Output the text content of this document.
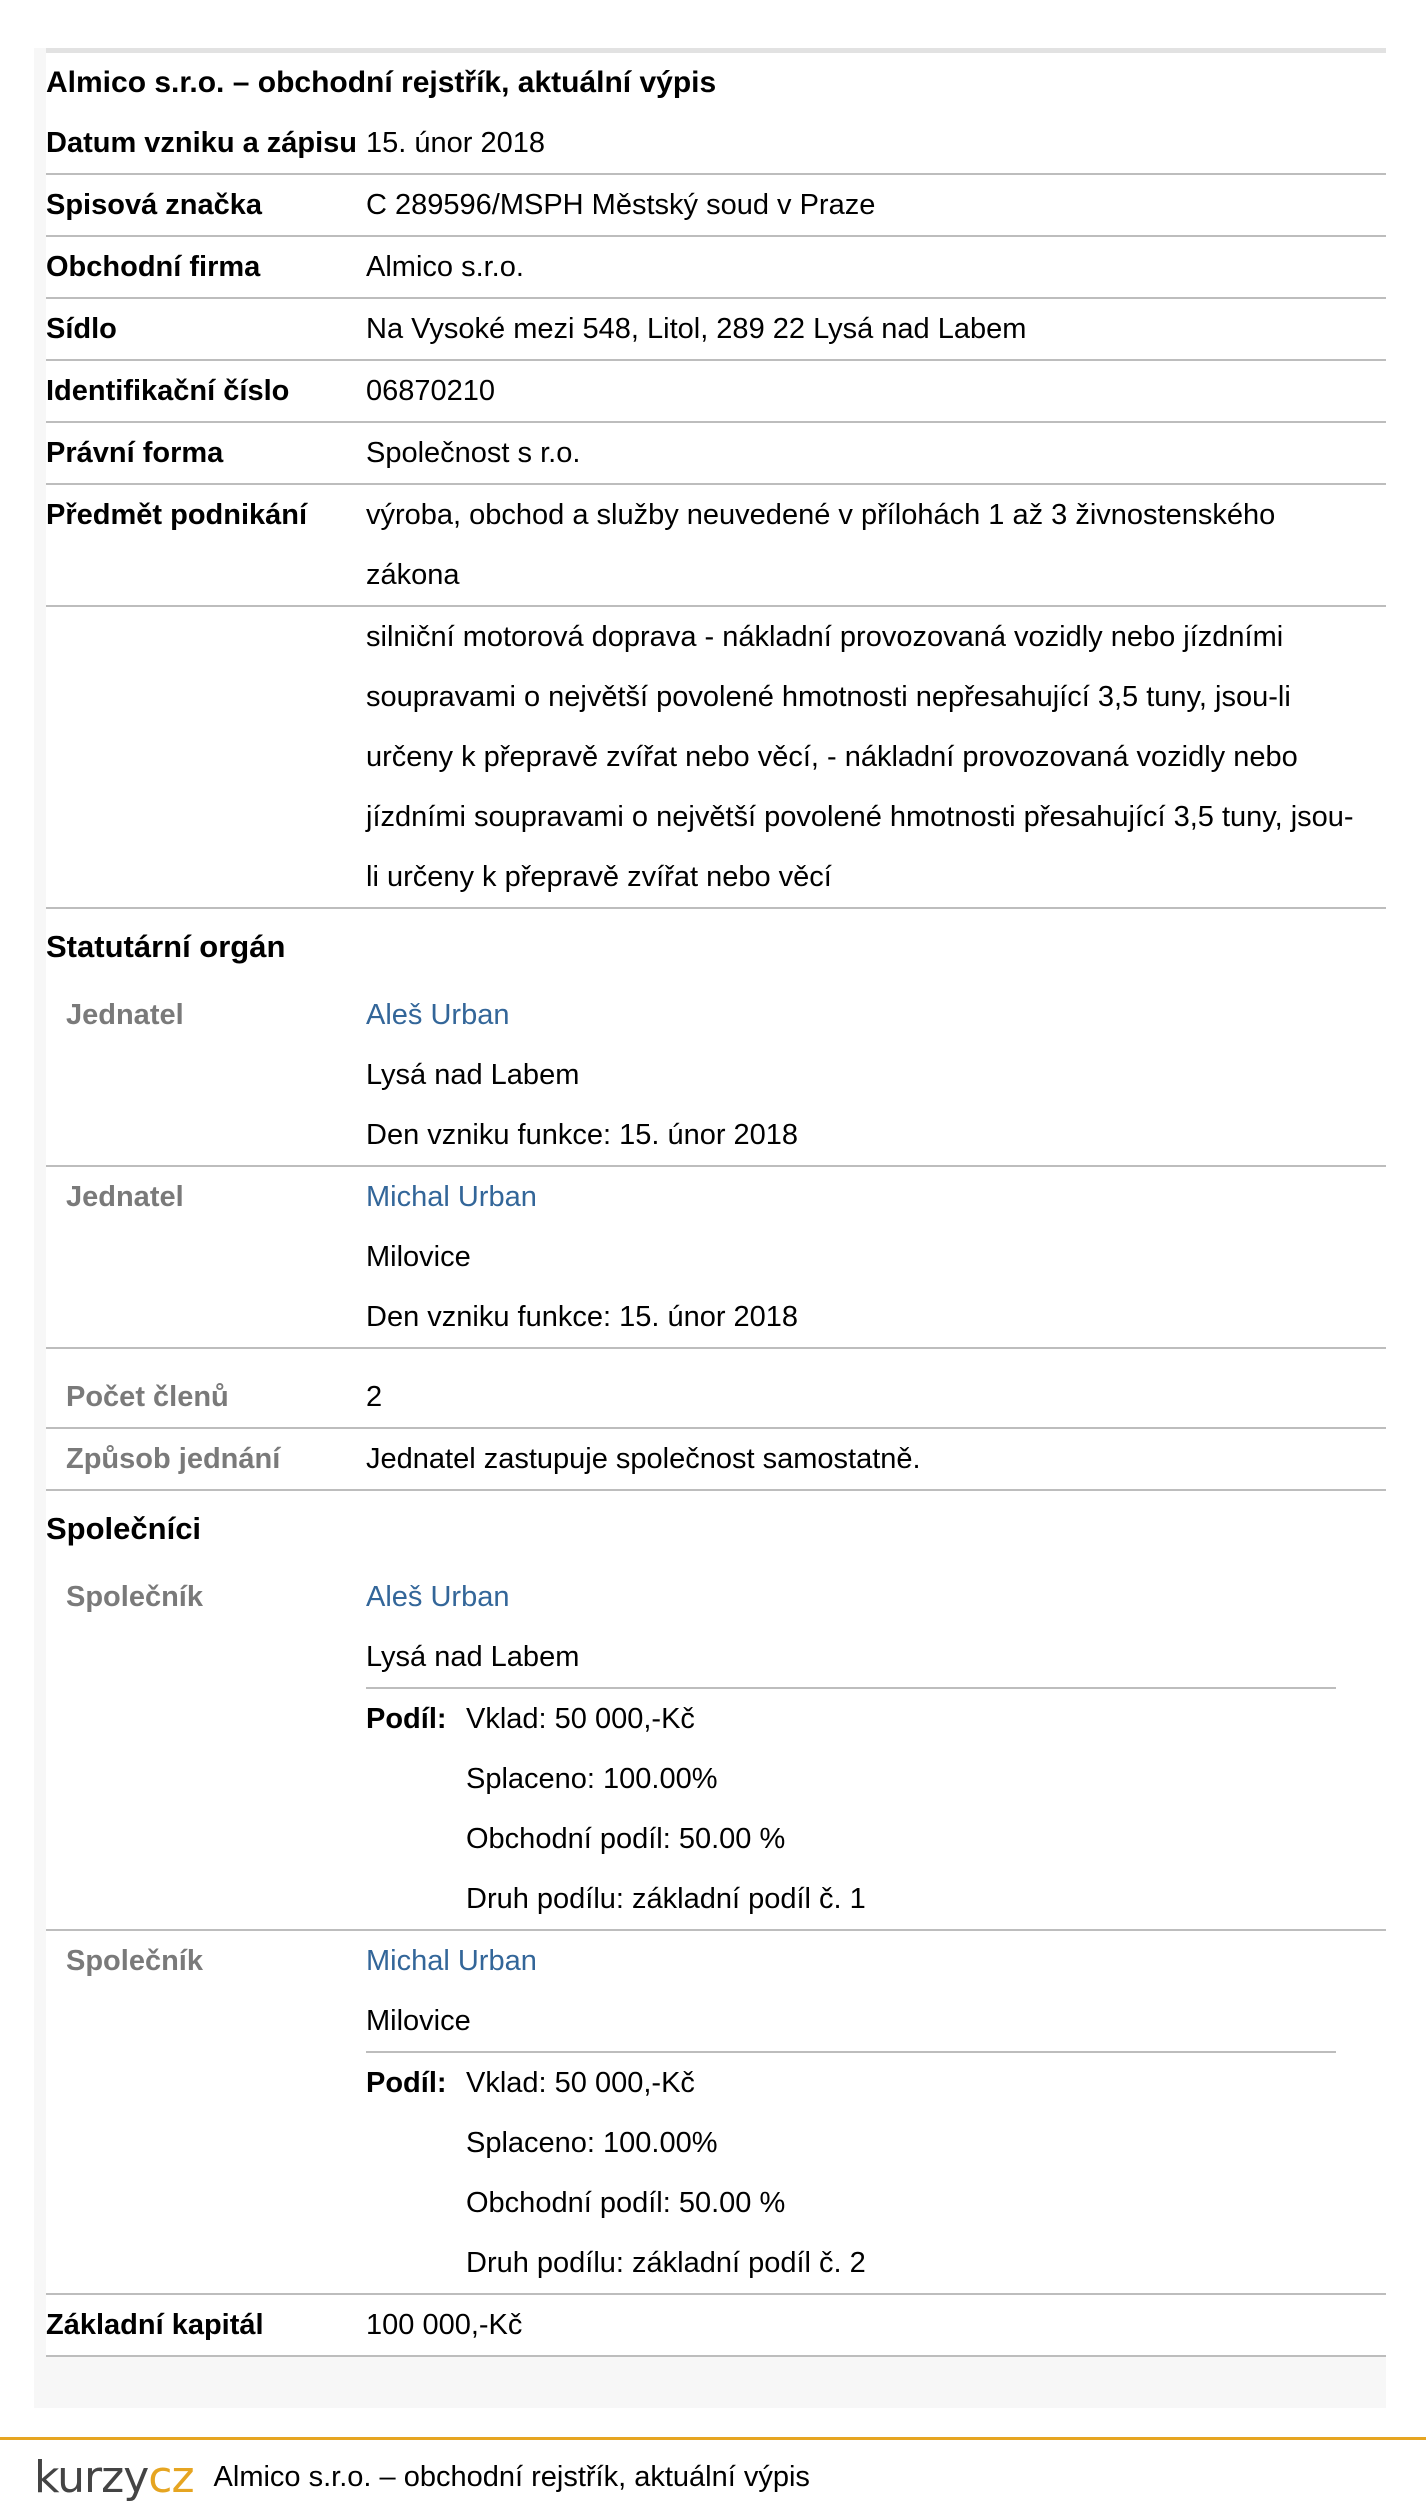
Almico s.r.o. – obchodní rejstřík, aktuální výpis
Datum vzniku a zápisu 15. únor 2018
Spisová značka	C 289596/MSPH Městský soud v Praze
Obchodní firma	Almico s.r.o.
Sídlo	Na Vysoké mezi 548, Litol, 289 22 Lysá nad Labem
Identifikační číslo	06870210
Právní forma	Společnost s r.o.
Předmět podnikání	výroba, obchod a služby neuvedené v přílohách 1 až 3 živnostenského zákona
silniční motorová doprava - nákladní provozovaná vozidly nebo jízdními soupravami o největší povolené hmotnosti nepřesahující 3,5 tuny, jsou-li určeny k přepravě zvířat nebo věcí, - nákladní provozovaná vozidly nebo jízdními soupravami o největší povolené hmotnosti přesahující 3,5 tuny, jsou-li určeny k přepravě zvířat nebo věcí
Statutární orgán
Jednatel	Aleš Urban
Lysá nad Labem
Den vzniku funkce: 15. únor 2018
Jednatel	Michal Urban
Milovice
Den vzniku funkce: 15. únor 2018
Počet členů	2
Způsob jednání	Jednatel zastupuje společnost samostatně.
Společníci
Společník	Aleš Urban
Lysá nad Labem
Podíl: Vklad: 50 000,-Kč
Splaceno: 100.00%
Obchodní podíl: 50.00 %
Druh podílu: základní podíl č. 1
Společník	Michal Urban
Milovice
Podíl: Vklad: 50 000,-Kč
Splaceno: 100.00%
Obchodní podíl: 50.00 %
Druh podílu: základní podíl č. 2
Základní kapitál	100 000,-Kč
kurzycz Almico s.r.o. – obchodní rejstřík, aktuální výpis
